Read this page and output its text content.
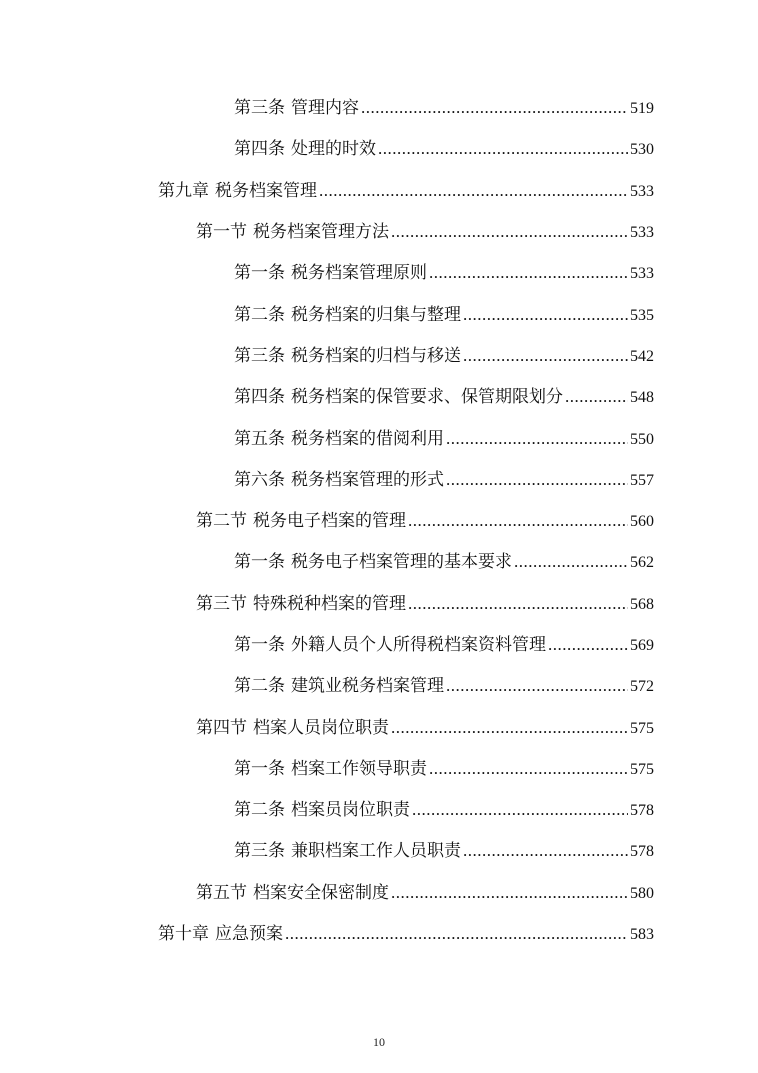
第三条 管理内容 .....	519
第四条 处理的时效 .....	530
第九章 税务档案管理 .....	533
第一节 税务档案管理方法 .....	533
第一条 税务档案管理原则 .....	533
第二条 税务档案的归集与整理 .....	535
第三条 税务档案的归档与移送 .....	542
第四条 税务档案的保管要求、保管期限划分 .....	548
第五条 税务档案的借阅利用 .....	550
第六条 税务档案管理的形式 .....	557
第二节 税务电子档案的管理 .....	560
第一条 税务电子档案管理的基本要求 .....	562
第三节 特殊税种档案的管理 .....	568
第一条 外籍人员个人所得税档案资料管理 .....	569
第二条 建筑业税务档案管理 .....	572
第四节 档案人员岗位职责 .....	575
第一条 档案工作领导职责 .....	575
第二条 档案员岗位职责 .....	578
第三条 兼职档案工作人员职责 .....	578
第五节 档案安全保密制度 .....	580
第十章 应急预案 .....	583
10
